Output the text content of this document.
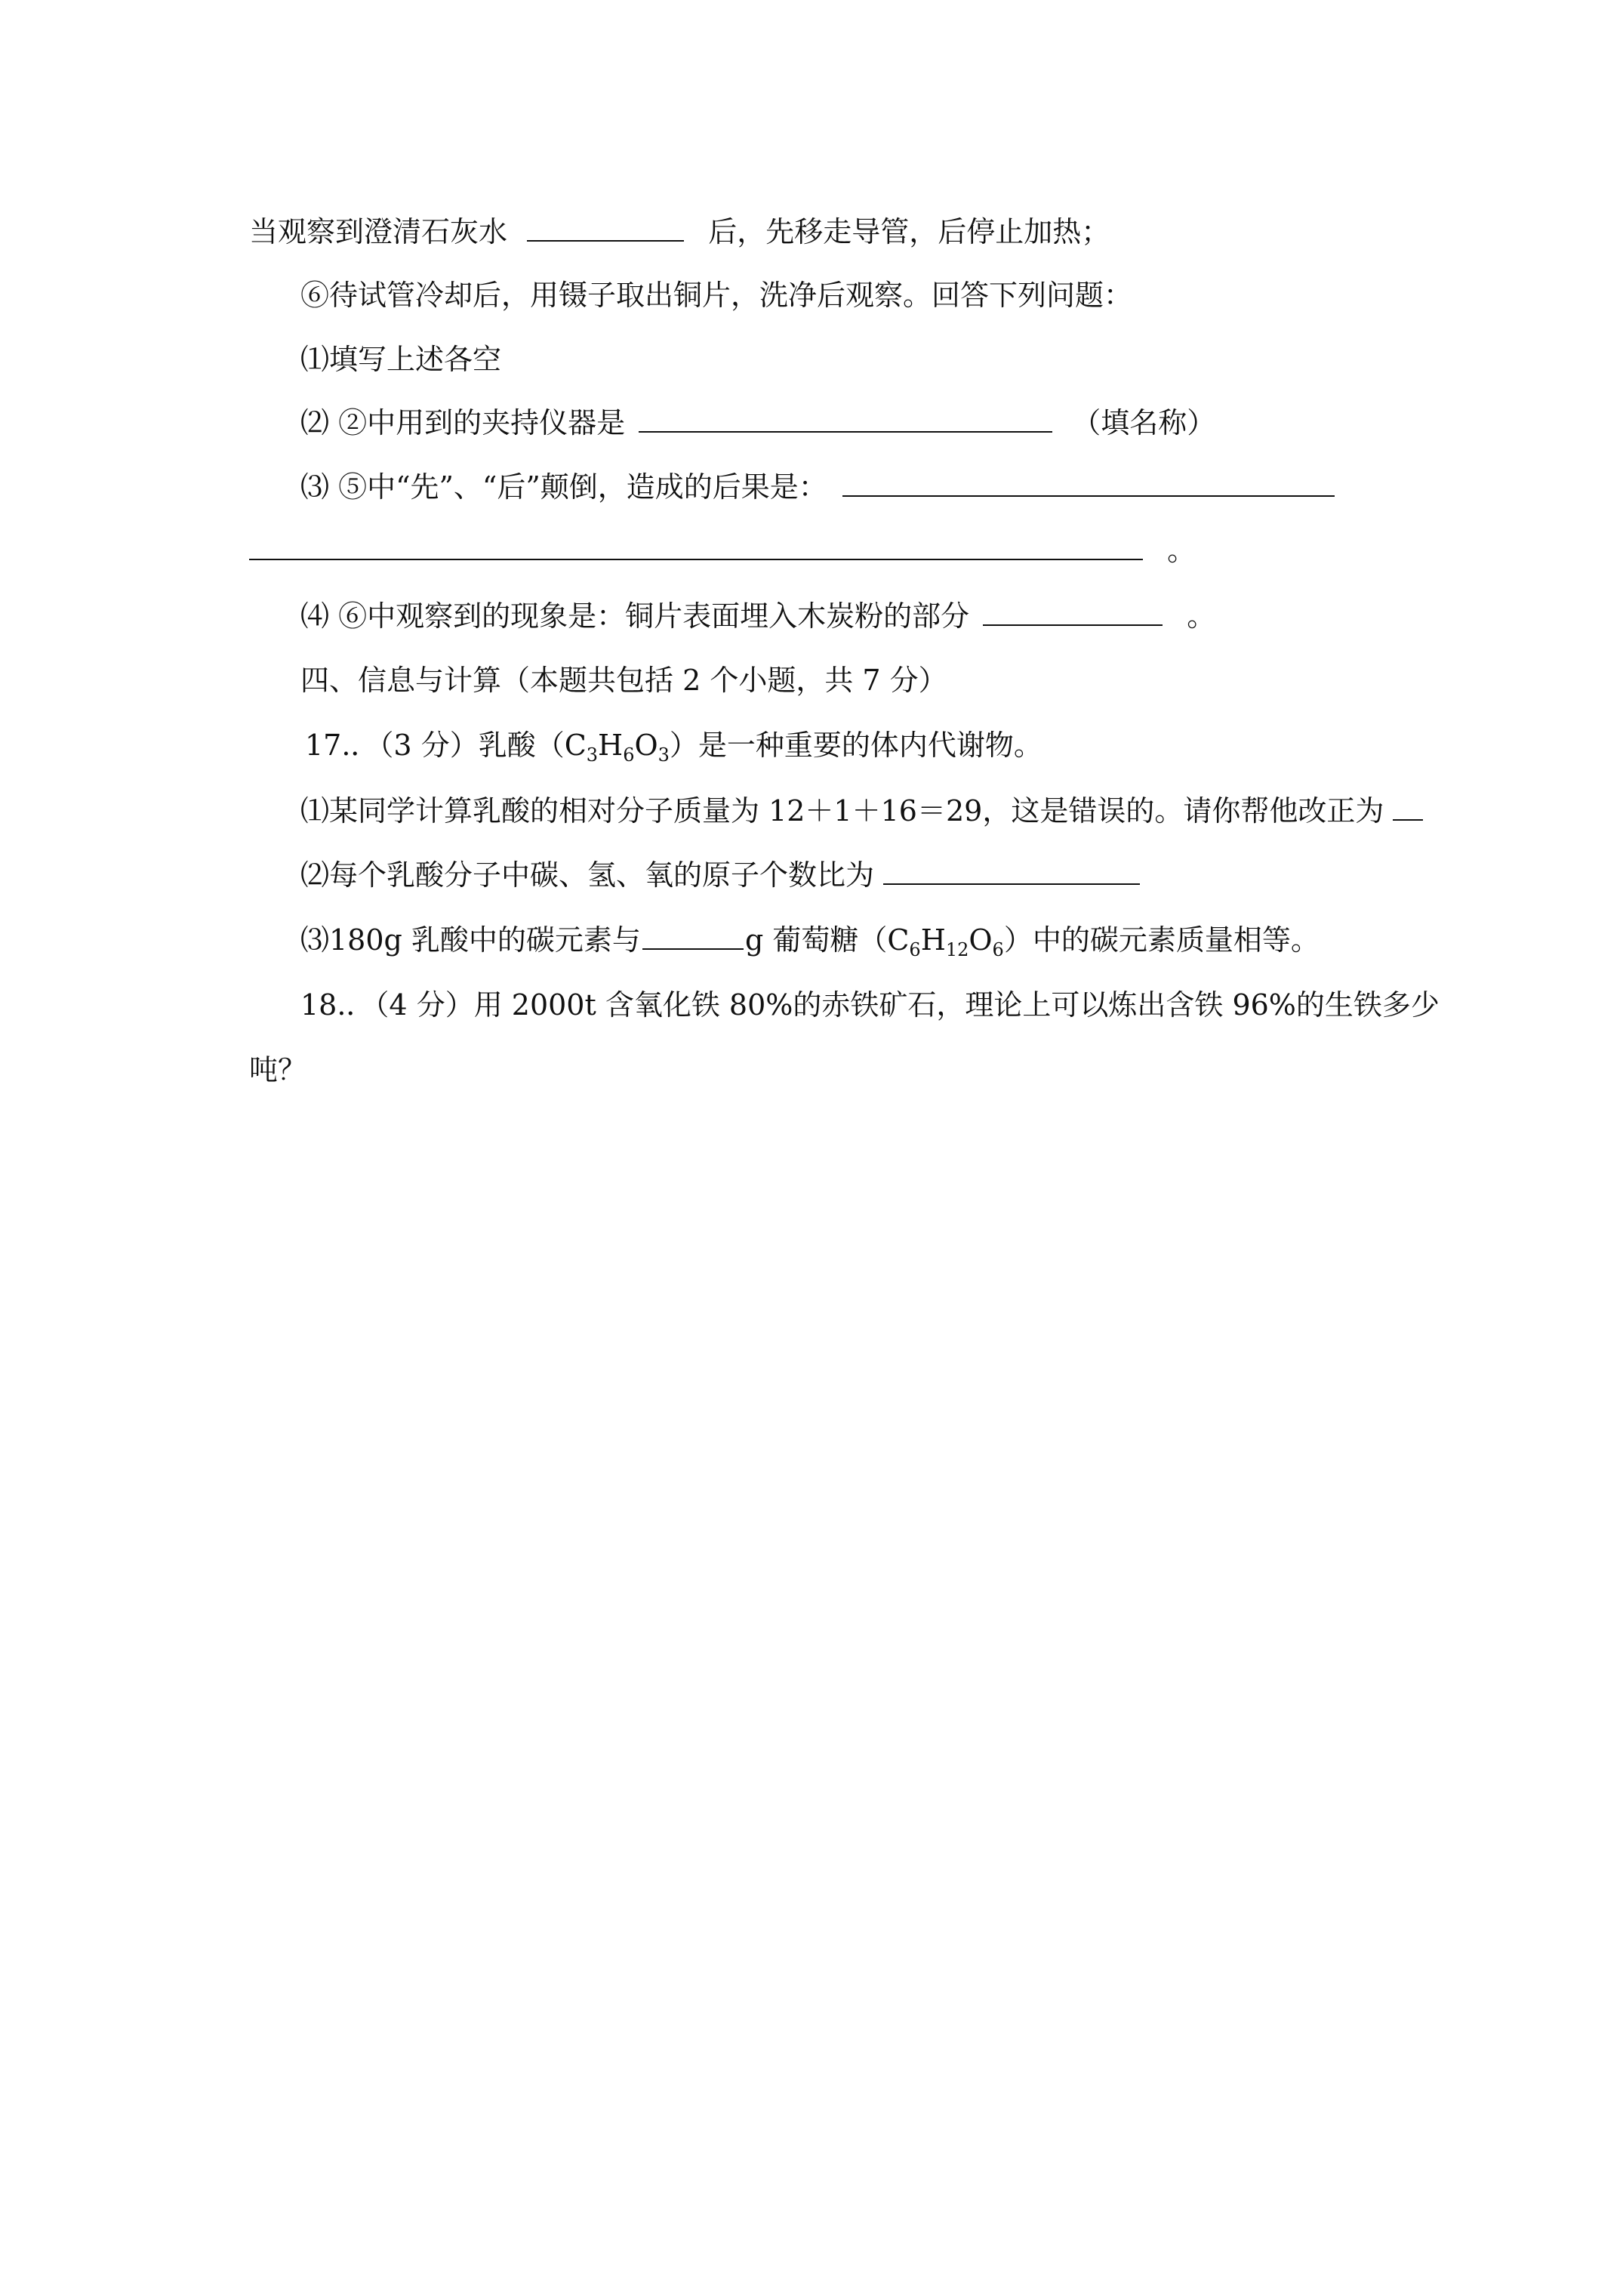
当观察到澄清石灰水	后，先移走导管，后停止加热；
⑥待试管冷却后，用镊子取出铜片，洗净后观察。回答下列问题：
⑴填写上述各空
⑵ ②中用到的夹持仪器是	（填名称）
⑶ ⑤中“先”、“后”颠倒，造成的后果是：
。
⑷ ⑥中观察到的现象是：铜片表面埋入木炭粉的部分	。
四、信息与计算（本题共包括 2 个小题，共 7 分）
17.．（3 分）乳酸$(C_3H_6O_3)$是一种重要的体内代谢物。
⑴某同学计算乳酸的相对分子质量为 12＋1＋16＝29，这是错误的。请你帮他改正为
⑵每个乳酸分子中碳、氢、氧的原子个数比为
⑶180g 乳酸中的碳元素与	g 葡萄糖$(C_6H_{12}O_6)$中的碳元素质量相等。
18.．（4 分）用 2000t 含氧化铁 80%的赤铁矿石，理论上可以炼出含铁 96%的生铁多少
吨？
